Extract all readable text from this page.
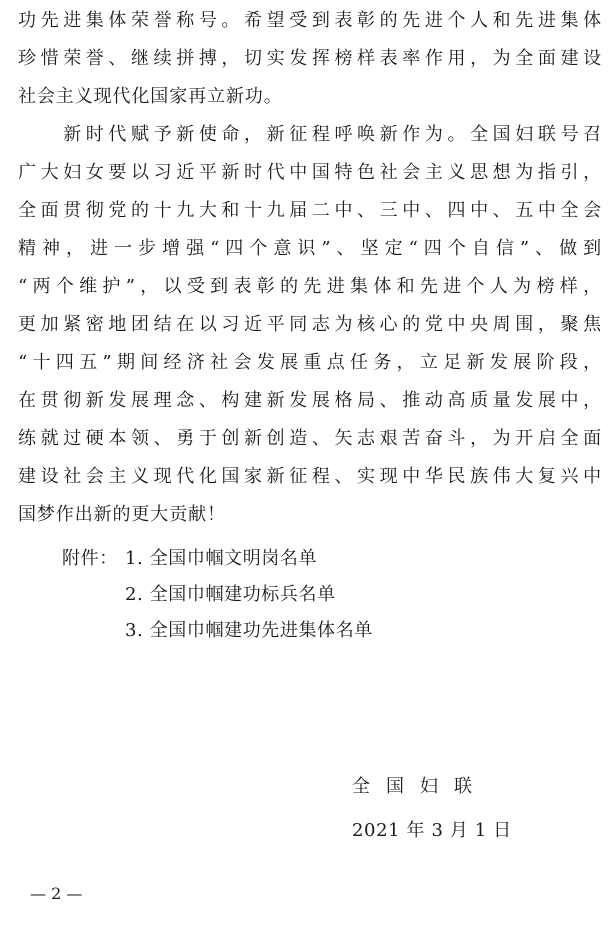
功先进集体荣誉称号。希望受到表彰的先进个人和先进集体
珍惜荣誉、继续拼搏，切实发挥榜样表率作用，为全面建设
社会主义现代化国家再立新功。
　　新时代赋予新使命，新征程呼唤新作为。全国妇联号召
广大妇女要以习近平新时代中国特色社会主义思想为指引，
全面贯彻党的十九大和十九届二中、三中、四中、五中全会
精神，进一步增强“四个意识”、坚定“四个自信”、做到
“两个维护”，以受到表彰的先进集体和先进个人为榜样，
更加紧密地团结在以习近平同志为核心的党中央周围，聚焦
“十四五”期间经济社会发展重点任务，立足新发展阶段，
在贯彻新发展理念、构建新发展格局、推动高质量发展中，
练就过硬本领、勇于创新创造、矢志艰苦奋斗，为开启全面
建设社会主义现代化国家新征程、实现中华民族伟大复兴中
国梦作出新的更大贡献！
附件： 1. 全国巾帼文明岗名单
2. 全国巾帼建功标兵名单
3. 全国巾帼建功先进集体名单
全国妇联
2021 年 3 月 1 日
— 2 —
